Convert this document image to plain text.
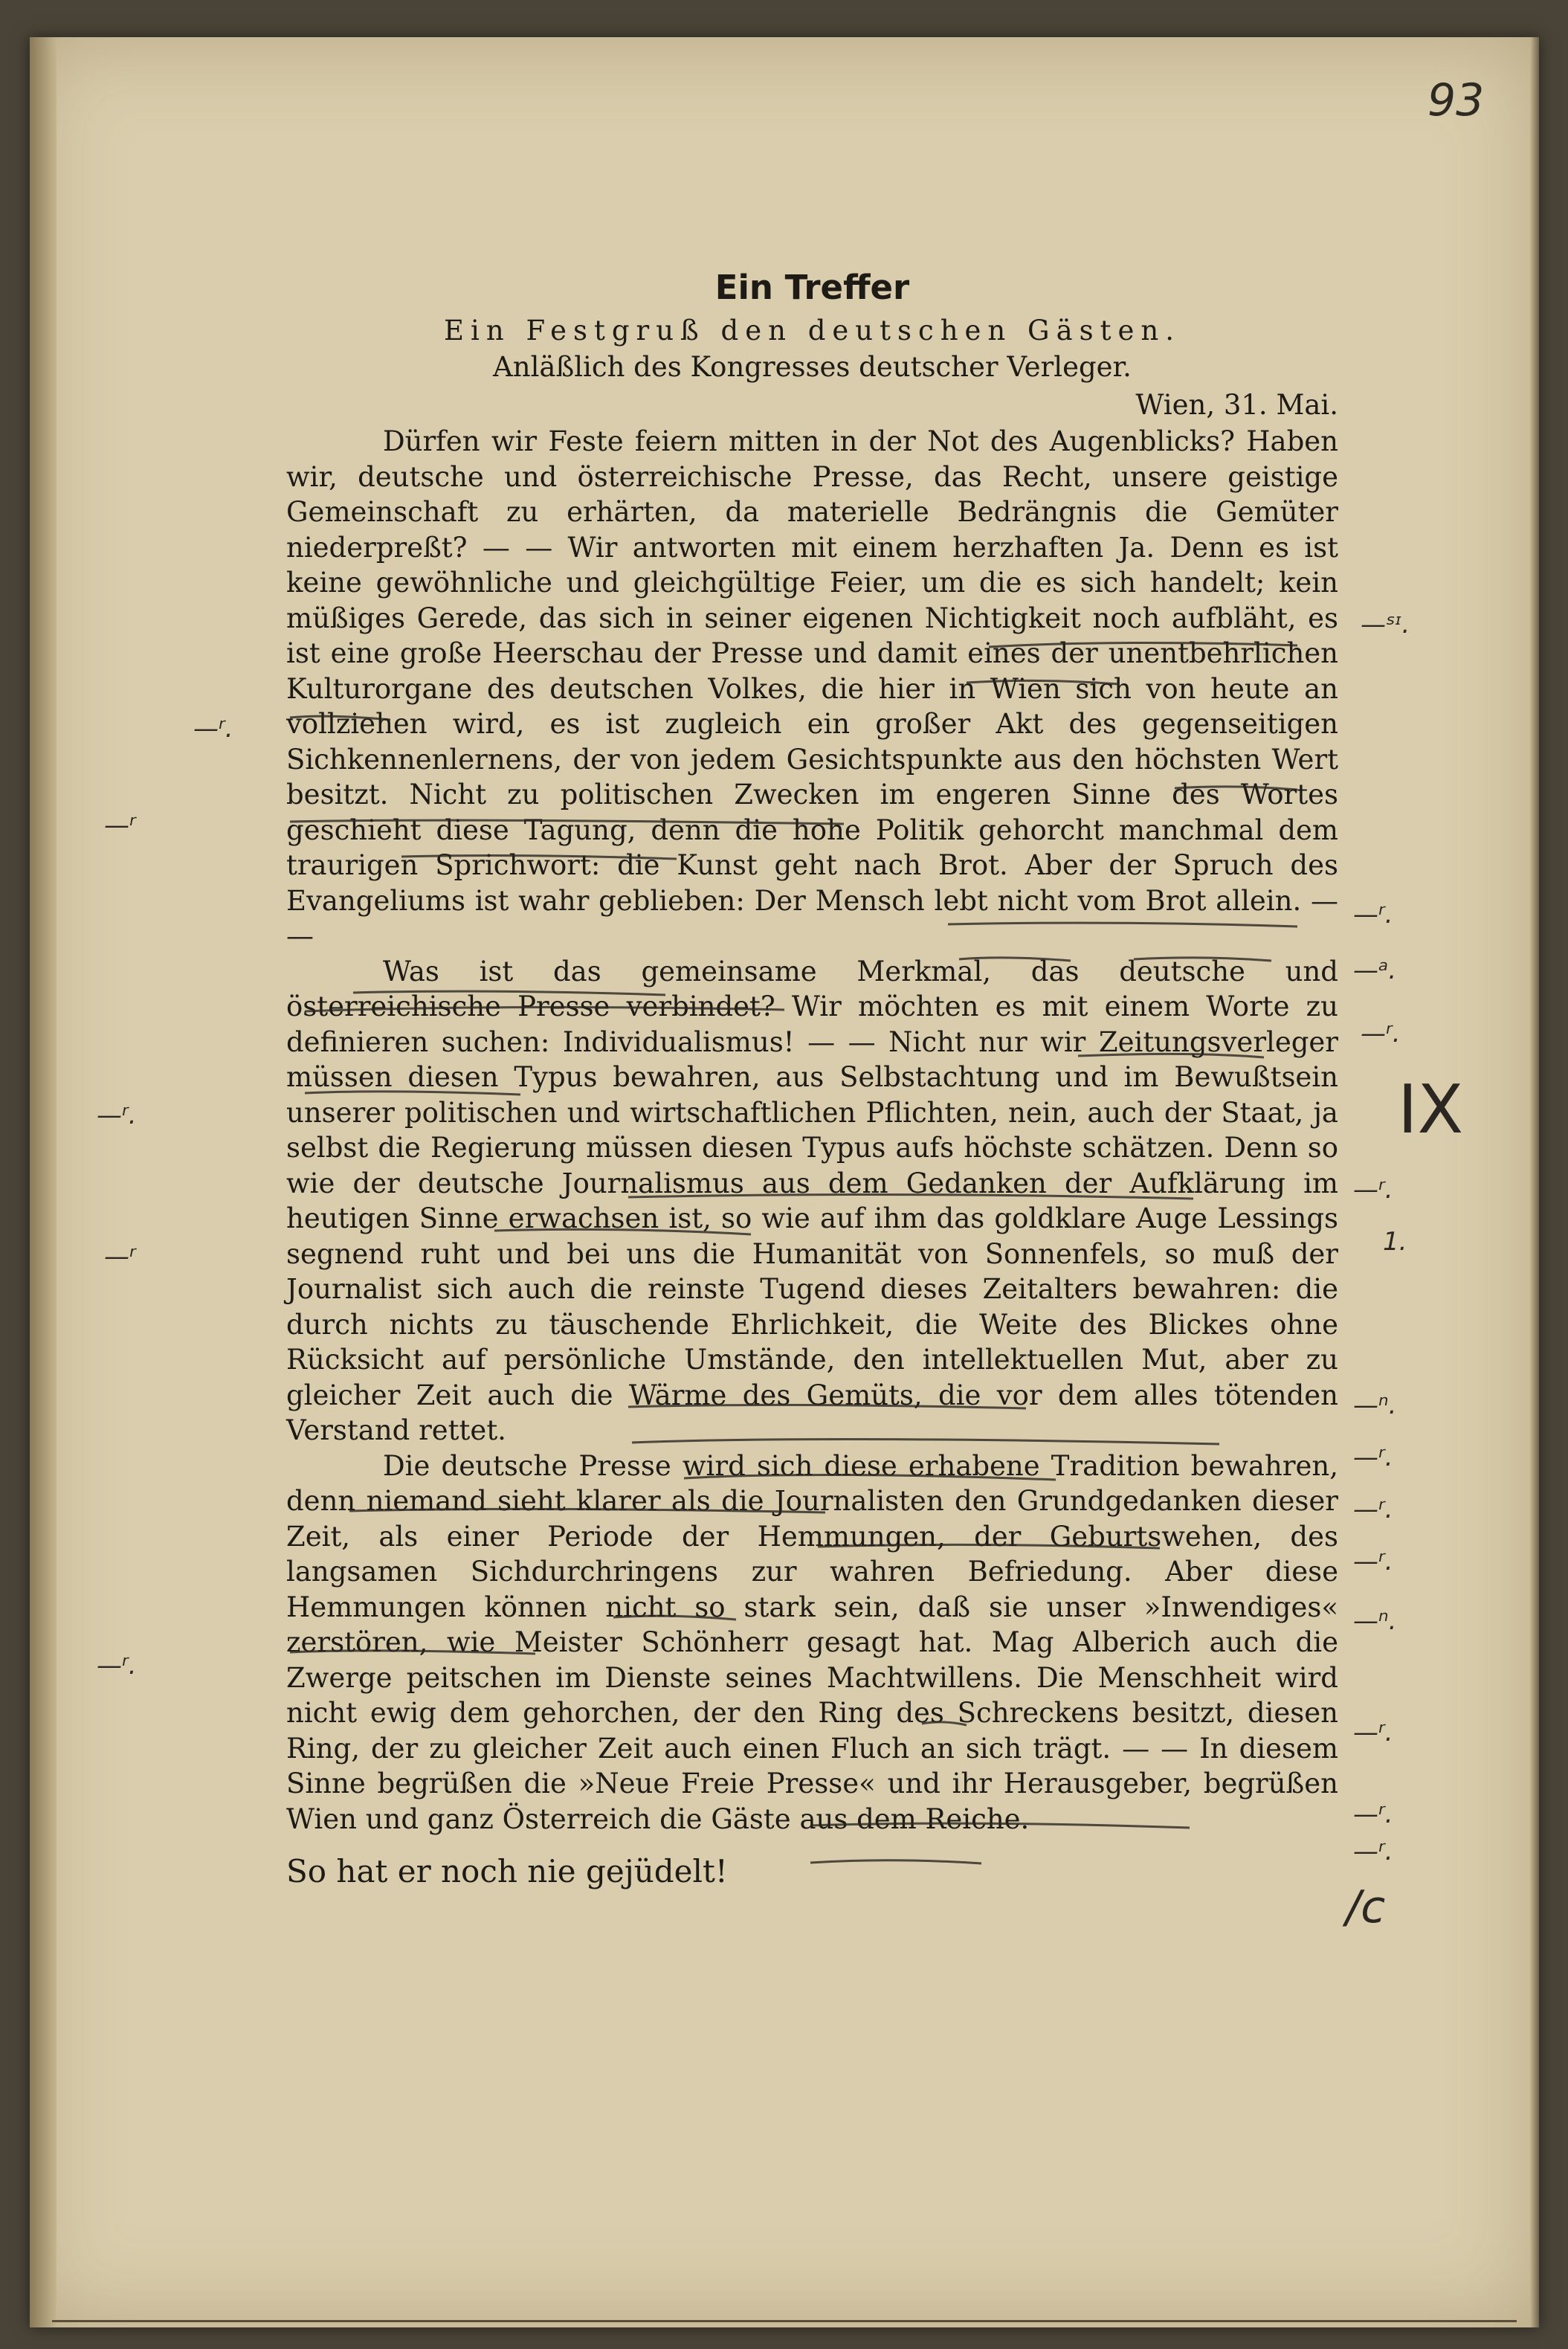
93
Ein Treffer
Ein Festgruß den deutschen Gästen.
Anläßlich des Kongresses deutscher Verleger.
Wien, 31. Mai.

Dürfen wir Feste feiern mitten in der Not des Augenblicks? Haben wir, deutsche und österreichische Presse, das Recht, unsere geistige Gemeinschaft zu erhärten, da materielle Bedrängnis die Gemüter niederpreßt? — — Wir antworten mit einem herzhaften Ja. Denn es ist keine gewöhnliche und gleichgültige Feier, um die es sich handelt; kein müßiges Gerede, das sich in seiner eigenen Nichtigkeit noch aufbläht, es ist eine große Heerschau der Presse und damit eines der unentbehrlichen Kulturorgane des deutschen Volkes, die hier in Wien sich von heute an vollziehen wird, es ist zugleich ein großer Akt des gegenseitigen Sichkennenlernens, der von jedem Gesichtspunkte aus den höchsten Wert besitzt. Nicht zu politischen Zwecken im engeren Sinne des Wortes geschieht diese Tagung, denn die hohe Politik gehorcht manchmal dem traurigen Sprichwort: die Kunst geht nach Brot. Aber der Spruch des Evangeliums ist wahr geblieben: Der Mensch lebt nicht vom Brot allein. — —

Was ist das gemeinsame Merkmal, das deutsche und österreichische Presse verbindet? Wir möchten es mit einem Worte zu definieren suchen: Individualismus! — — Nicht nur wir Zeitungsverleger müssen diesen Typus bewahren, aus Selbstachtung und im Bewußtsein unserer politischen und wirtschaftlichen Pflichten, nein, auch der Staat, ja selbst die Regierung müssen diesen Typus aufs höchste schätzen. Denn so wie der deutsche Journalismus aus dem Gedanken der Aufklärung im heutigen Sinne erwachsen ist, so wie auf ihm das goldklare Auge Lessings segnend ruht und bei uns die Humanität von Sonnenfels, so muß der Journalist sich auch die reinste Tugend dieses Zeitalters bewahren: die durch nichts zu täuschende Ehrlichkeit, die Weite des Blickes ohne Rücksicht auf persönliche Umstände, den intellektuellen Mut, aber zu gleicher Zeit auch die Wärme des Gemüts, die vor dem alles tötenden Verstand rettet.

Die deutsche Presse wird sich diese erhabene Tradition bewahren, denn niemand sieht klarer als die Journalisten den Grundgedanken dieser Zeit, als einer Periode der Hemmungen, der Geburtswehen, des langsamen Sichdurchringens zur wahren Befriedung. Aber diese Hemmungen können nicht so stark sein, daß sie unser »Inwendiges« zerstören, wie Meister Schönherr gesagt hat. Mag Alberich auch die Zwerge peitschen im Dienste seines Machtwillens. Die Menschheit wird nicht ewig dem gehorchen, der den Ring des Schreckens besitzt, diesen Ring, der zu gleicher Zeit auch einen Fluch an sich trägt. — — In diesem Sinne begrüßen die »Neue Freie Presse« und ihr Herausgeber, begrüßen Wien und ganz Österreich die Gäste aus dem Reiche.

So hat er noch nie gejüdelt!
—ˢᶦ.
—ʳ.
—ᵃ.
—ʳ.
—ʳ.
—ⁿ.
—ʳ.
—ʳ.
—ʳ.
—ⁿ.
—ʳ.
—ʳ.
—ʳ.
1.
/c
—ʳ.
—ʳ
—ʳ.
—ʳ
—ʳ.
IX
